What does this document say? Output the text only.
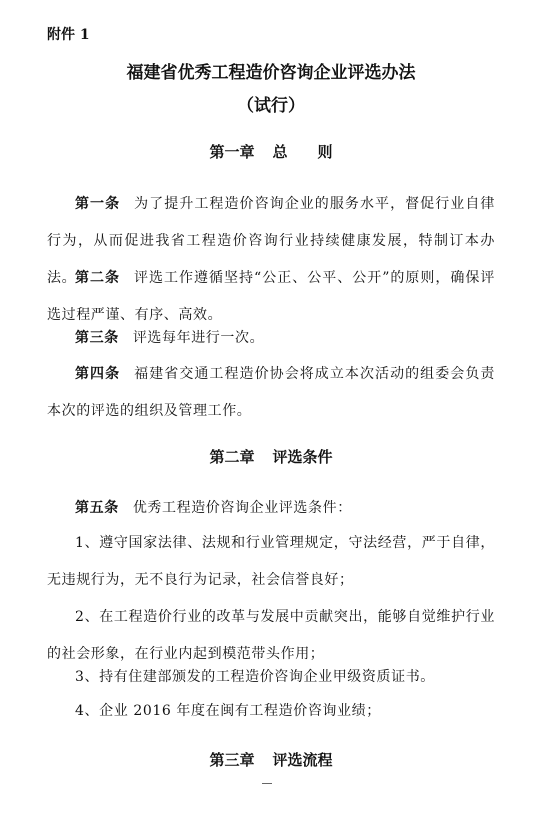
附件 1
福建省优秀工程造价咨询企业评选办法
（试行）
第一章 总　　则
第一条 为了提升工程造价咨询企业的服务水平，督促行业自律行为，从而促进我省工程造价咨询行业持续健康发展，特制订本办法。
第二条 评选工作遵循坚持“公正、公平、公开”的原则，确保评选过程严谨、有序、高效。
第三条 评选每年进行一次。
第四条 福建省交通工程造价协会将成立本次活动的组委会负责本次的评选的组织及管理工作。
第二章 评选条件
第五条 优秀工程造价咨询企业评选条件：
1、遵守国家法律、法规和行业管理规定，守法经营，严于自律，无违规行为，无不良行为记录，社会信誉良好；
2、在工程造价行业的改革与发展中贡献突出，能够自觉维护行业的社会形象，在行业内起到模范带头作用；
3、持有住建部颁发的工程造价咨询企业甲级资质证书。
4、企业 2016 年度在闽有工程造价咨询业绩；
第三章 评选流程
